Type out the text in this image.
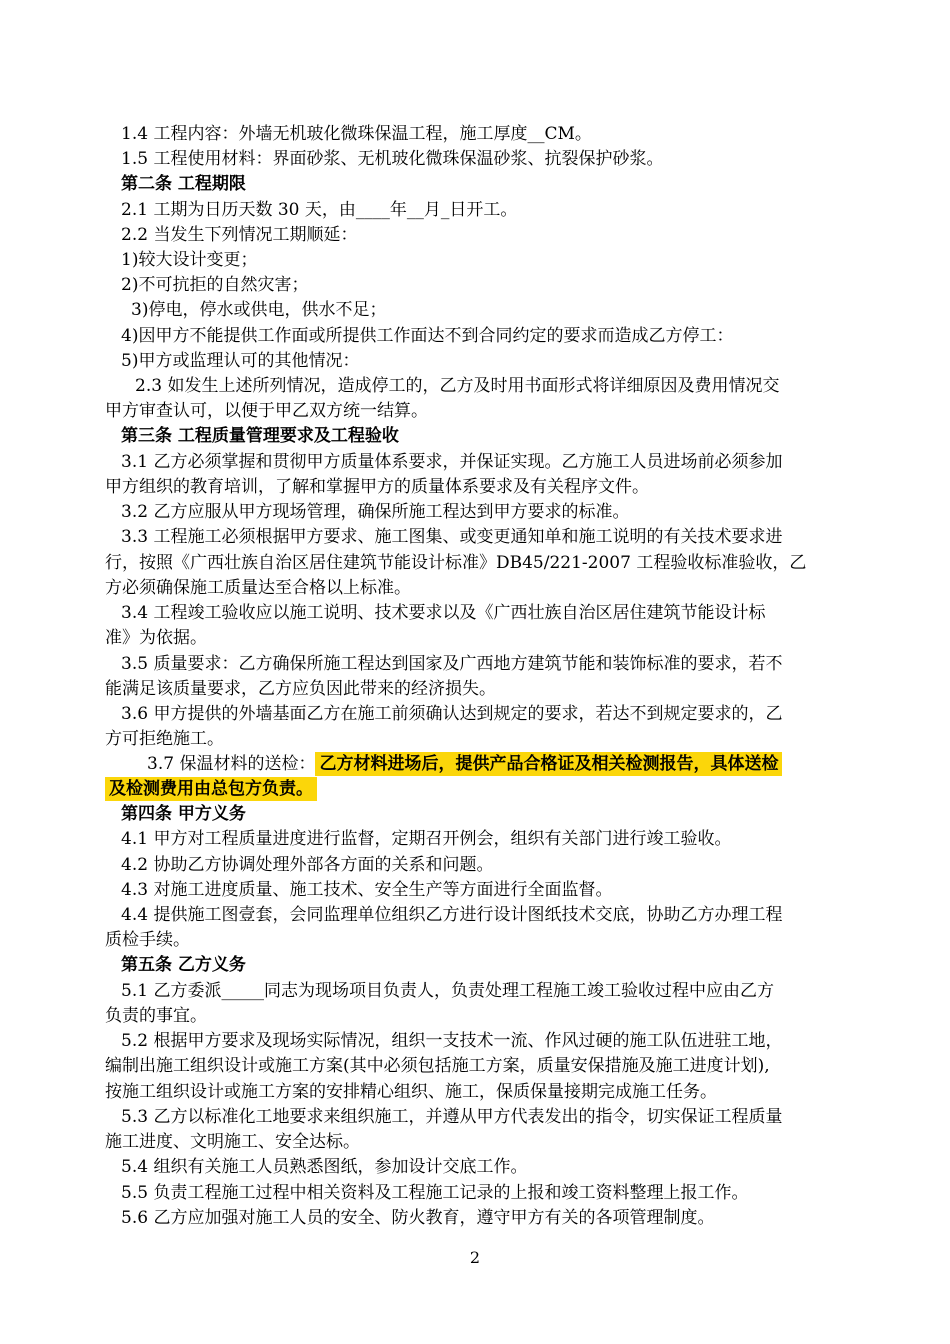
1.4 工程内容：外墙无机玻化微珠保温工程，施工厚度__CM。
1.5 工程使用材料：界面砂浆、无机玻化微珠保温砂浆、抗裂保护砂浆。
第二条 工程期限
2.1 工期为日历天数 30 天，由____年__月_日开工。
2.2 当发生下列情况工期顺延：
1)较大设计变更；
2)不可抗拒的自然灾害；
3)停电，停水或供电，供水不足；
4)因甲方不能提供工作面或所提供工作面达不到合同约定的要求而造成乙方停工：
5)甲方或监理认可的其他情况：
2.3 如发生上述所列情况，造成停工的，乙方及时用书面形式将详细原因及费用情况交
甲方审查认可，以便于甲乙双方统一结算。
第三条 工程质量管理要求及工程验收
3.1 乙方必须掌握和贯彻甲方质量体系要求，并保证实现。乙方施工人员进场前必须参加
甲方组织的教育培训，了解和掌握甲方的质量体系要求及有关程序文件。
3.2 乙方应服从甲方现场管理，确保所施工程达到甲方要求的标准。
3.3 工程施工必须根据甲方要求、施工图集、或变更通知单和施工说明的有关技术要求进
行，按照《广西壮族自治区居住建筑节能设计标准》DB45/221-2007 工程验收标准验收，乙
方必须确保施工质量达至合格以上标准。
3.4 工程竣工验收应以施工说明、技术要求以及《广西壮族自治区居住建筑节能设计标
准》为依据。
3.5 质量要求：乙方确保所施工程达到国家及广西地方建筑节能和装饰标准的要求，若不
能满足该质量要求，乙方应负因此带来的经济损失。
3.6 甲方提供的外墙基面乙方在施工前须确认达到规定的要求，若达不到规定要求的，乙
方可拒绝施工。
3.7 保温材料的送检： 乙方材料进场后，提供产品合格证及相关检测报告，具体送检
及检测费用由总包方负责。
第四条 甲方义务
4.1 甲方对工程质量进度进行监督，定期召开例会，组织有关部门进行竣工验收。
4.2 协助乙方协调处理外部各方面的关系和问题。
4.3 对施工进度质量、施工技术、安全生产等方面进行全面监督。
4.4 提供施工图壹套，会同监理单位组织乙方进行设计图纸技术交底，协助乙方办理工程
质检手续。
第五条 乙方义务
5.1 乙方委派_____同志为现场项目负责人，负责处理工程施工竣工验收过程中应由乙方
负责的事宜。
5.2 根据甲方要求及现场实际情况，组织一支技术一流、作风过硬的施工队伍进驻工地，
编制出施工组织设计或施工方案(其中必须包括施工方案，质量安保措施及施工进度计划),
按施工组织设计或施工方案的安排精心组织、施工，保质保量接期完成施工任务。
5.3 乙方以标准化工地要求来组织施工，并遵从甲方代表发出的指令，切实保证工程质量
施工进度、文明施工、安全达标。
5.4 组织有关施工人员熟悉图纸，参加设计交底工作。
5.5 负责工程施工过程中相关资料及工程施工记录的上报和竣工资料整理上报工作。
5.6 乙方应加强对施工人员的安全、防火教育，遵守甲方有关的各项管理制度。
2
